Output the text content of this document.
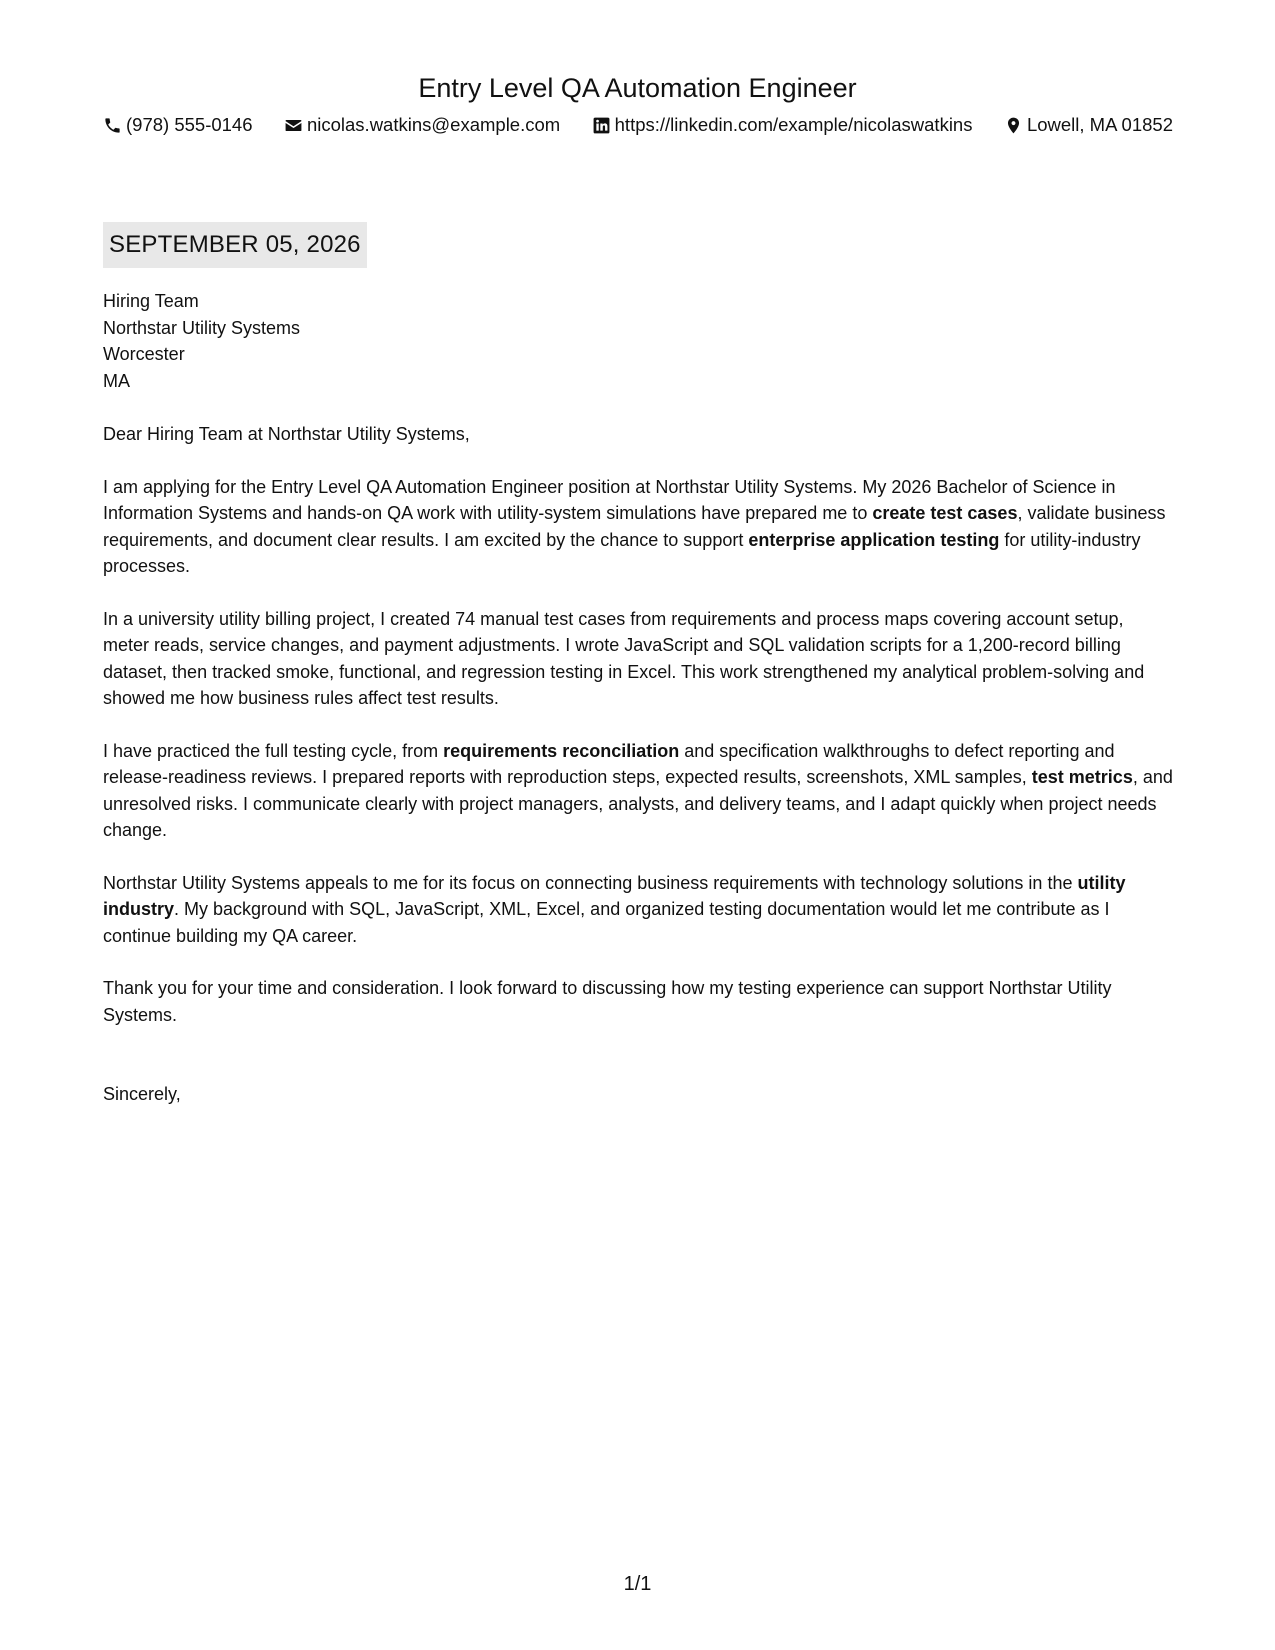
Entry Level QA Automation Engineer
(978) 555-0146	nicolas.watkins@example.com	https://linkedin.com/example/nicolaswatkins	Lowell, MA 01852
SEPTEMBER 05, 2026
Hiring Team
Northstar Utility Systems
Worcester
MA
Dear Hiring Team at Northstar Utility Systems,

I am applying for the Entry Level QA Automation Engineer position at Northstar Utility Systems. My 2026 Bachelor of Science in Information Systems and hands-on QA work with utility-system simulations have prepared me to create test cases, validate business requirements, and document clear results. I am excited by the chance to support enterprise application testing for utility-industry processes.

In a university utility billing project, I created 74 manual test cases from requirements and process maps covering account setup, meter reads, service changes, and payment adjustments. I wrote JavaScript and SQL validation scripts for a 1,200-record billing dataset, then tracked smoke, functional, and regression testing in Excel. This work strengthened my analytical problem-solving and showed me how business rules affect test results.

I have practiced the full testing cycle, from requirements reconciliation and specification walkthroughs to defect reporting and release-readiness reviews. I prepared reports with reproduction steps, expected results, screenshots, XML samples, test metrics, and unresolved risks. I communicate clearly with project managers, analysts, and delivery teams, and I adapt quickly when project needs change.

Northstar Utility Systems appeals to me for its focus on connecting business requirements with technology solutions in the utility industry. My background with SQL, JavaScript, XML, Excel, and organized testing documentation would let me contribute as I continue building my QA career.

Thank you for your time and consideration. I look forward to discussing how my testing experience can support Northstar Utility Systems.

Sincerely,
1/1
